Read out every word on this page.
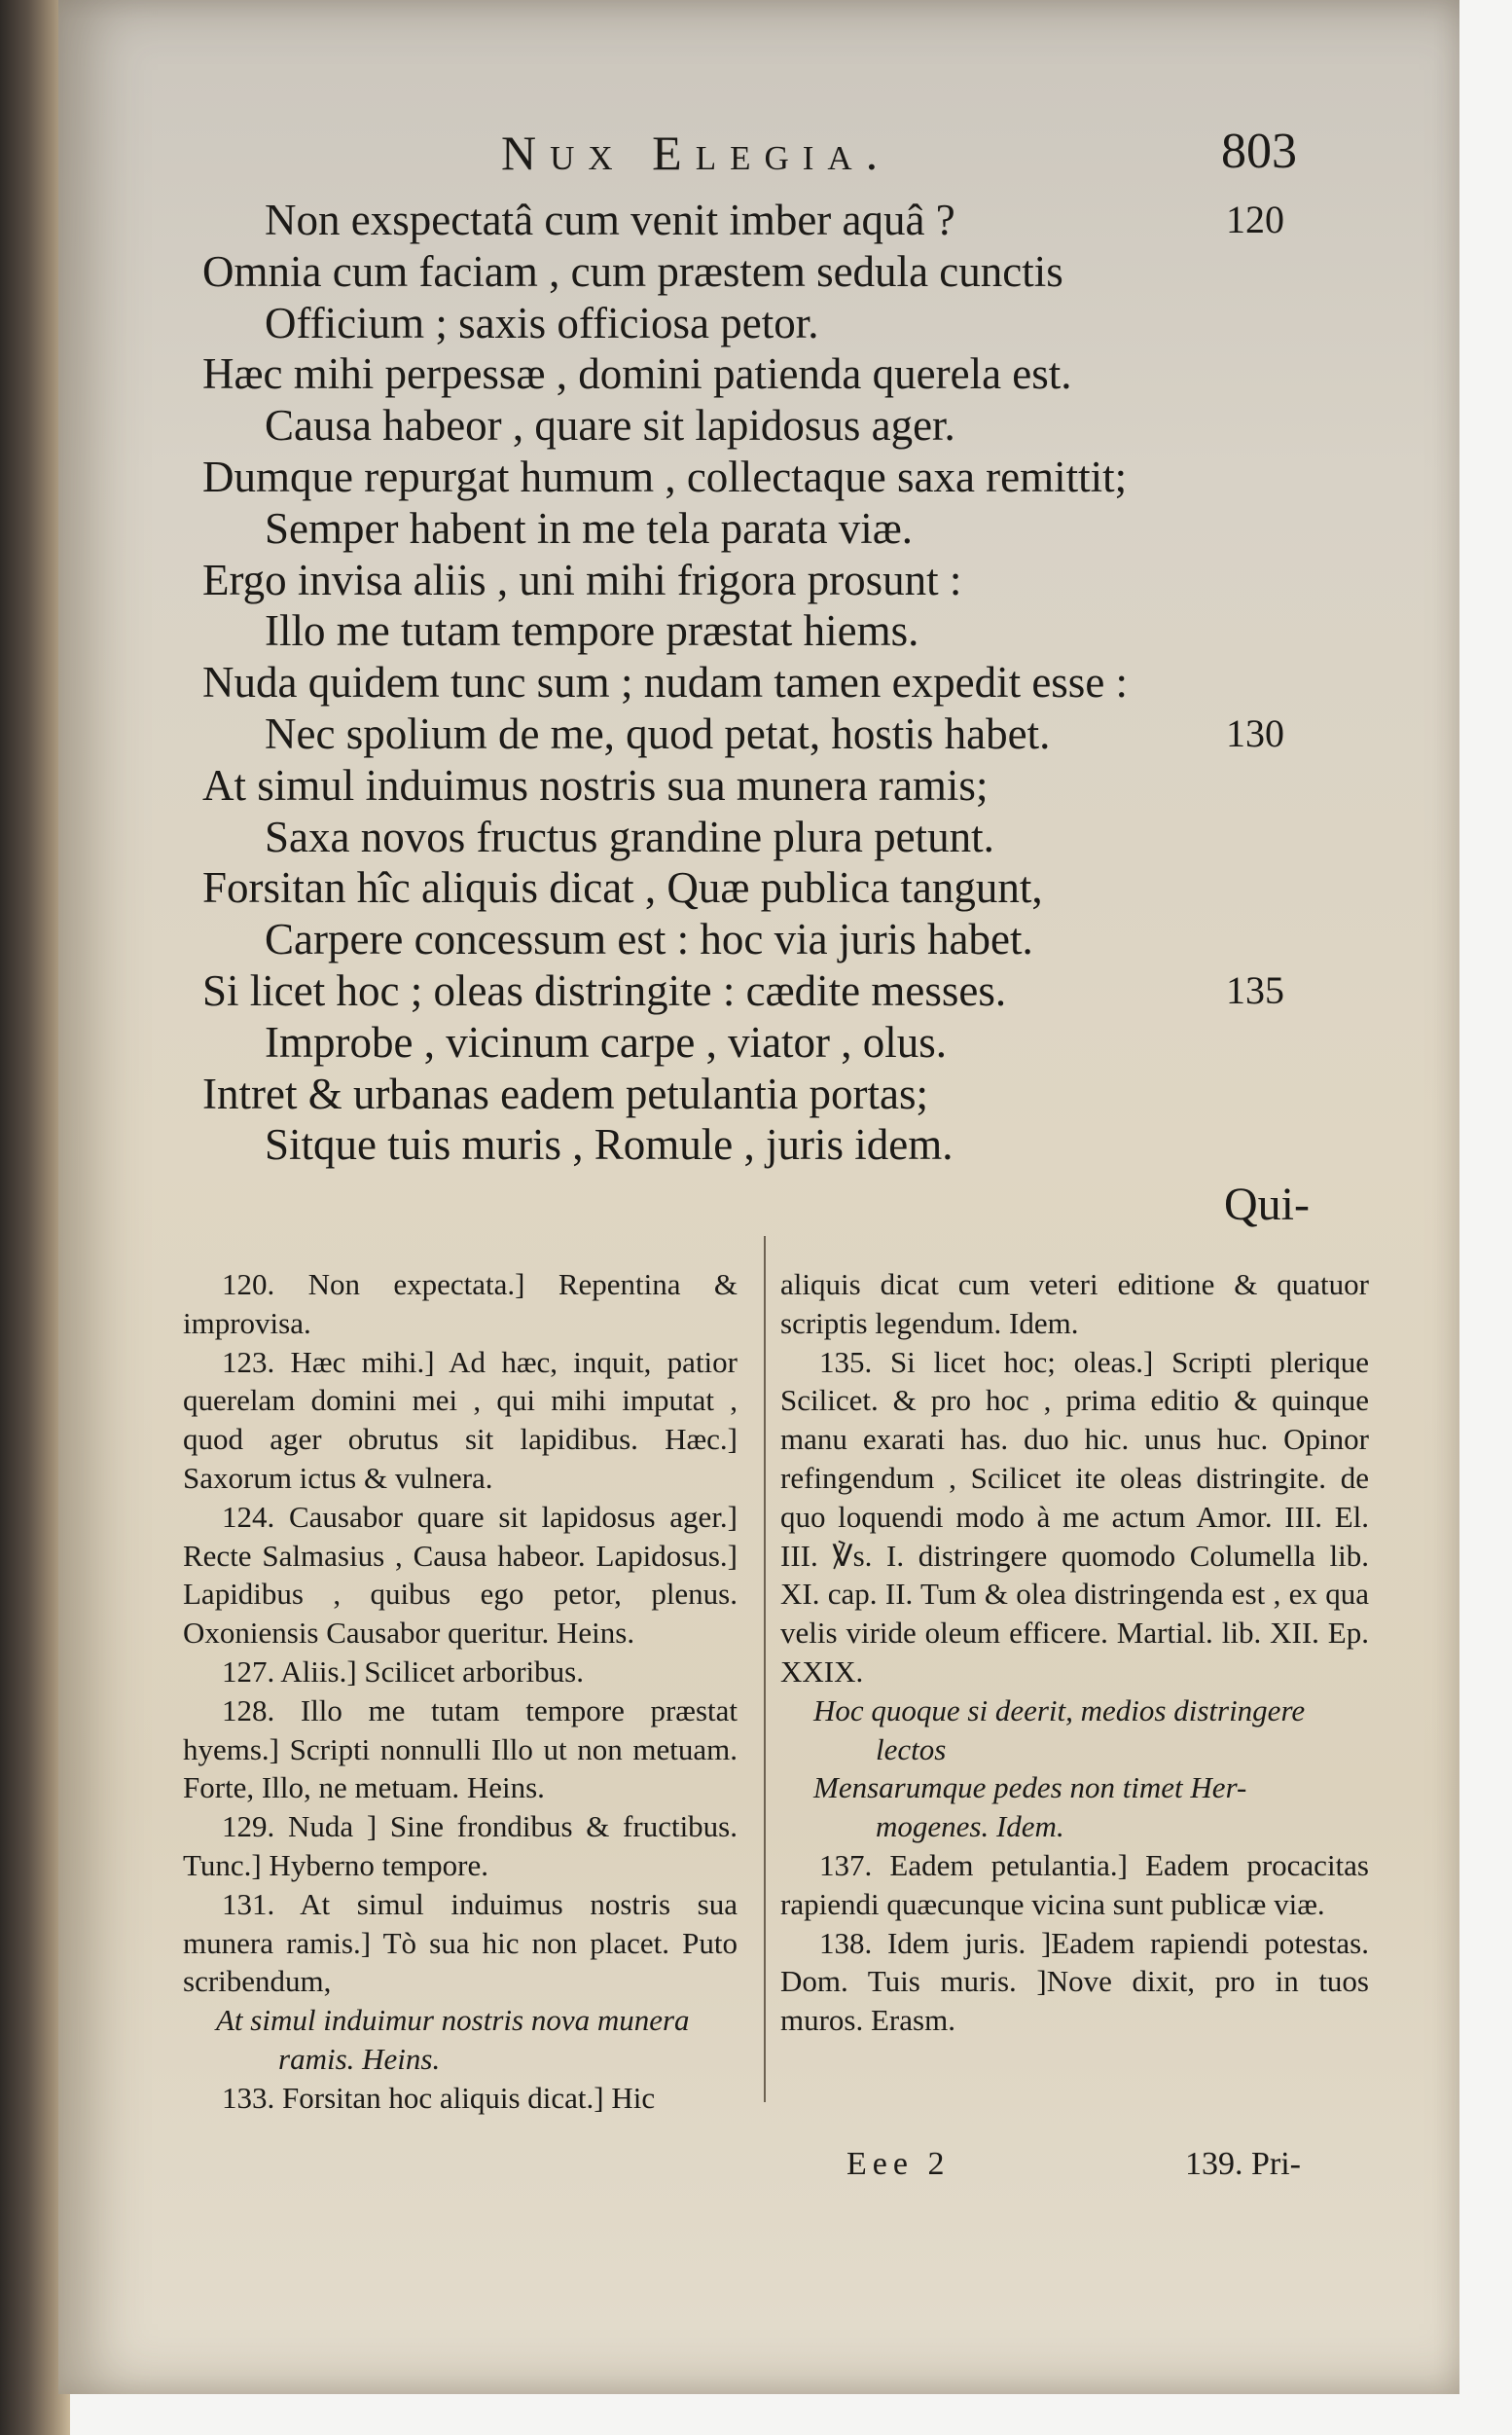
Nux Elegia.	803
Non exspectatâ cum venit imber aquâ ?	120
Omnia cum faciam , cum præstem sedula cunctis
Officium ; saxis officiosa petor.
Hæc mihi perpessæ , domini patienda querela est.
Causa habeor , quare sit lapidosus ager.
Dumque repurgat humum , collectaque saxa remittit;
Semper habent in me tela parata viæ.
Ergo invisa aliis , uni mihi frigora prosunt :
Illo me tutam tempore præstat hiems.
Nuda quidem tunc sum ; nudam tamen expedit esse :
Nec spolium de me, quod petat, hostis habet.	130
At simul induimus nostris sua munera ramis;
Saxa novos fructus grandine plura petunt.
Forsitan hîc aliquis dicat , Quæ publica tangunt,
Carpere concessum est : hoc via juris habet.
Si licet hoc ; oleas distringite : cædite messes.	135
Improbe , vicinum carpe , viator , olus.
Intret & urbanas eadem petulantia portas;
Sitque tuis muris , Romule , juris idem.
Qui-

120. Non expectata.] Repentina & improvisa.

123. Hæc mihi.] Ad hæc, inquit, patior querelam domini mei , qui mihi imputat , quod ager obrutus sit lapidibus. Hæc.] Saxorum ictus & vulnera.

124. Causabor quare sit lapidosus ager.] Recte Salmasius , Causa habeor. Lapidosus.] Lapidibus , quibus ego petor, plenus. Oxoniensis Causabor queritur. Heins.

127. Aliis.] Scilicet arboribus.

128. Illo me tutam tempore præstat hyems.] Scripti nonnulli Illo ut non metuam. Forte, Illo, ne metuam. Heins.

129. Nuda ] Sine frondibus & fructibus. Tunc.] Hyberno tempore.

131. At simul induimus nostris sua munera ramis.] Tò sua hic non placet. Puto scribendum,

At simul induimur nostris nova munera
ramis. Heins.

133. Forsitan hoc aliquis dicat.] Hic

aliquis dicat cum veteri editione & quatuor scriptis legendum. Idem.

135. Si licet hoc; oleas.] Scripti plerique Scilicet. & pro hoc , prima editio & quinque manu exarati has. duo hic. unus huc. Opinor refingendum , Scilicet ite oleas distringite. de quo loquendi modo à me actum Amor. III. El. III. ℣s. I. distringere quomodo Columella lib. XI. cap. II. Tum & olea distringenda est , ex qua velis viride oleum efficere. Martial. lib. XII. Ep. XXIX.

Hoc quoque si deerit, medios distringere
lectos

Mensarumque pedes non timet Her-
mogenes. Idem.

137. Eadem petulantia.] Eadem procacitas rapiendi quæcunque vicina sunt publicæ viæ.

138. Idem juris. ]Eadem rapiendi potestas. Dom. Tuis muris. ]Nove dixit, pro in tuos muros. Erasm.

Eee 2	139. Pri-
